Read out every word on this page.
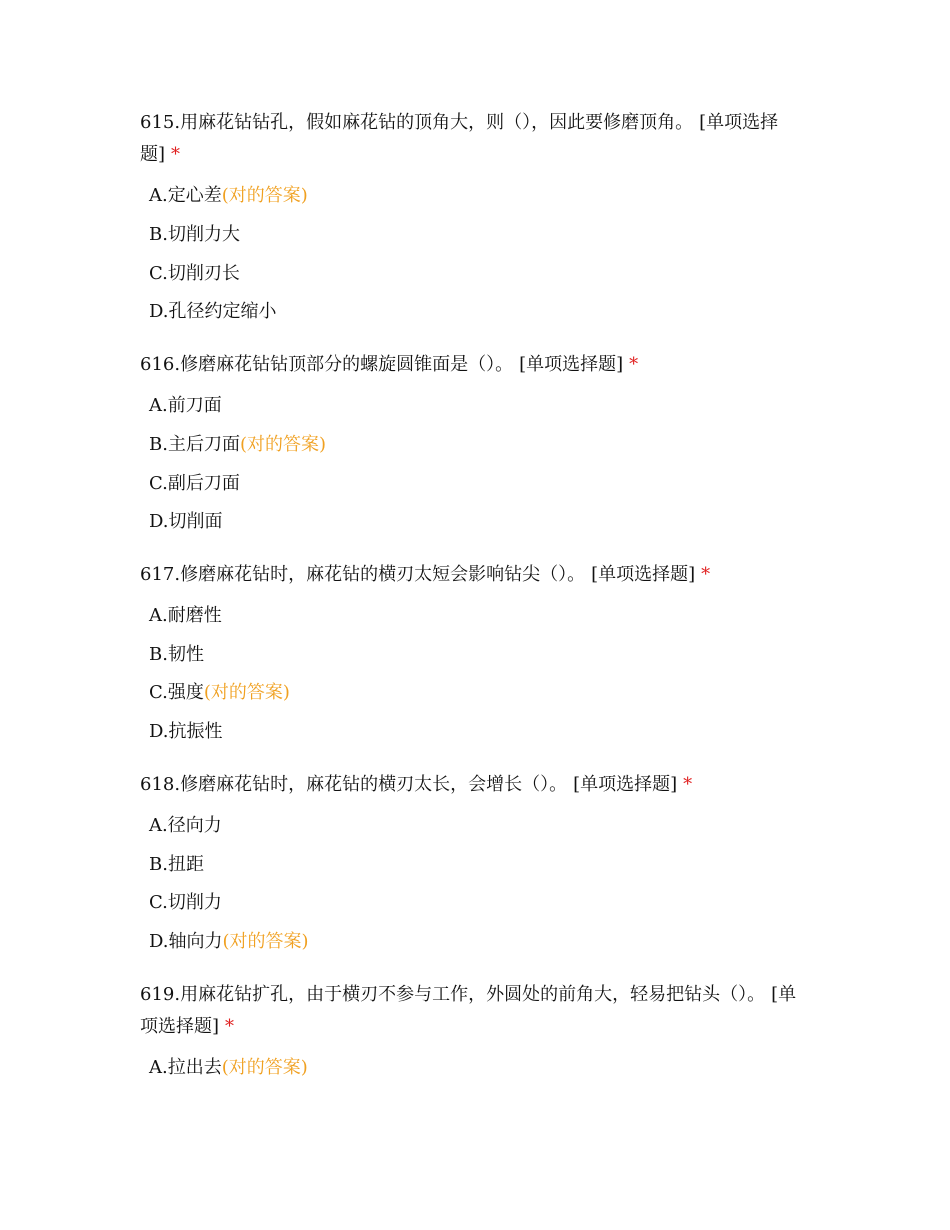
615.用麻花钻钻孔，假如麻花钻的顶角大，则（），因此要修磨顶角。 [单项选择题] *
A.定心差(对的答案)
B.切削力大
C.切削刃长
D.孔径约定缩小
616.修磨麻花钻钻顶部分的螺旋圆锥面是（）。 [单项选择题] *
A.前刀面
B.主后刀面(对的答案)
C.副后刀面
D.切削面
617.修磨麻花钻时，麻花钻的横刃太短会影响钻尖（）。 [单项选择题] *
A.耐磨性
B.韧性
C.强度(对的答案)
D.抗振性
618.修磨麻花钻时，麻花钻的横刃太长，会增长（）。 [单项选择题] *
A.径向力
B.扭距
C.切削力
D.轴向力(对的答案)
619.用麻花钻扩孔，由于横刃不参与工作，外圆处的前角大，轻易把钻头（）。 [单项选择题] *
A.拉出去(对的答案)
